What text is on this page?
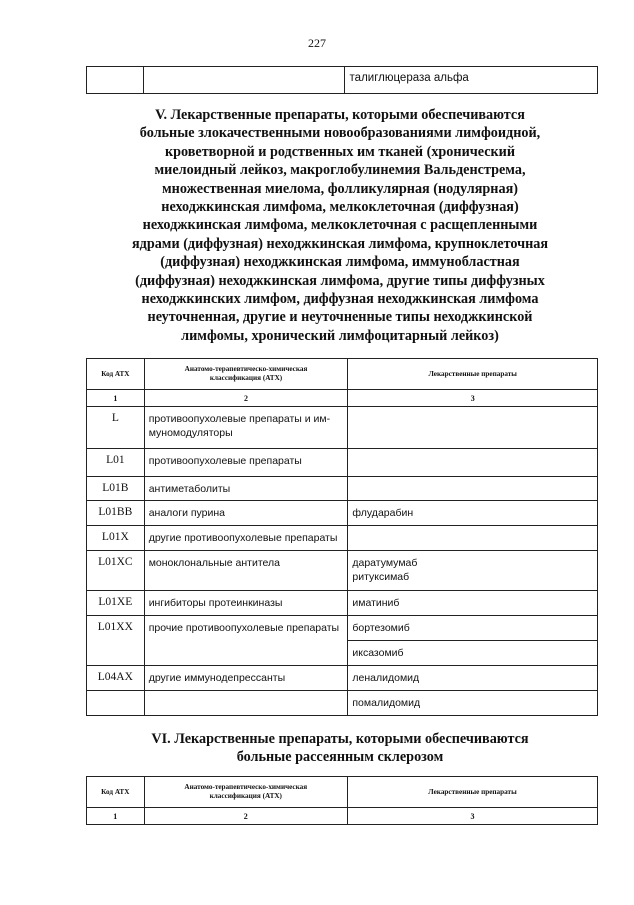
227
		талиглюцераза альфа
V. Лекарственные препараты, которыми обеспечиваются
больные злокачественными новообразованиями лимфоидной,
кроветворной и родственных им тканей (хронический
миелоидный лейкоз, макроглобулинемия Вальденстрема,
множественная миелома, фолликулярная (нодулярная)
неходжкинская лимфома, мелкоклеточная (диффузная)
неходжкинская лимфома, мелкоклеточная с расщепленными
ядрами (диффузная) неходжкинская лимфома, крупноклеточная
(диффузная) неходжкинская лимфома, иммунобластная
(диффузная) неходжкинская лимфома, другие типы диффузных
неходжкинских лимфом, диффузная неходжкинская лимфома
неуточненная, другие и неуточненные типы неходжкинской
лимфомы, хронический лимфоцитарный лейкоз)
Код АТХ	Анатомо-терапевтическо-химическая
классификация (АТХ)	Лекарственные препараты
1	2	3
L	противоопухолевые препараты и им-
муномодуляторы	

L01	противоопухолевые препараты	
L01B	антиметаболиты	
L01BB	аналоги пурина	флударабин
L01X	другие противоопухолевые препараты	
L01XC	моноклональные антитела	даратумумаб
ритуксимаб

L01XE	ингибиторы протеинкиназы	иматиниб
L01XX	прочие противоопухолевые препараты	бортезомиб
		иксазомиб
L04AX	другие иммунодепрессанты	леналидомид
		помалидомид
VI. Лекарственные препараты, которыми обеспечиваются
больные рассеянным склерозом
Код АТХ	Анатомо-терапевтическо-химическая
классификация (АТХ)	Лекарственные препараты
1	2	3
